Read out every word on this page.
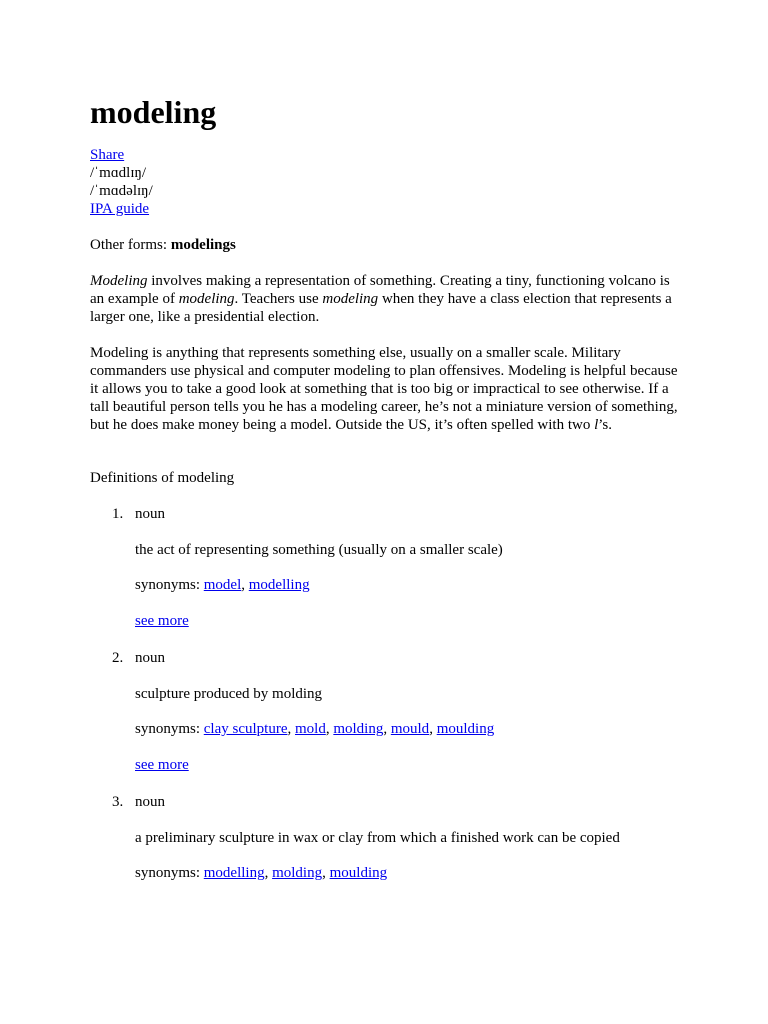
modeling
Share
/ˈmɑdlɪŋ/
/ˈmɑdəlɪŋ/
IPA guide
Other forms: modelings

Modeling involves making a representation of something. Creating a tiny, functioning volcano is an example of modeling. Teachers use modeling when they have a class election that represents a larger one, like a presidential election.

Modeling is anything that represents something else, usually on a smaller scale. Military commanders use physical and computer modeling to plan offensives. Modeling is helpful because it allows you to take a good look at something that is too big or impractical to see otherwise. If a tall beautiful person tells you he has a modeling career, he’s not a miniature version of something, but he does make money being a model. Outside the US, it’s often spelled with two l’s.

Definitions of modeling
1. noun
the act of representing something (usually on a smaller scale)
synonyms: model, modelling
see more
2. noun
sculpture produced by molding
synonyms: clay sculpture, mold, molding, mould, moulding
see more
3. noun
a preliminary sculpture in wax or clay from which a finished work can be copied
synonyms: modelling, molding, moulding
